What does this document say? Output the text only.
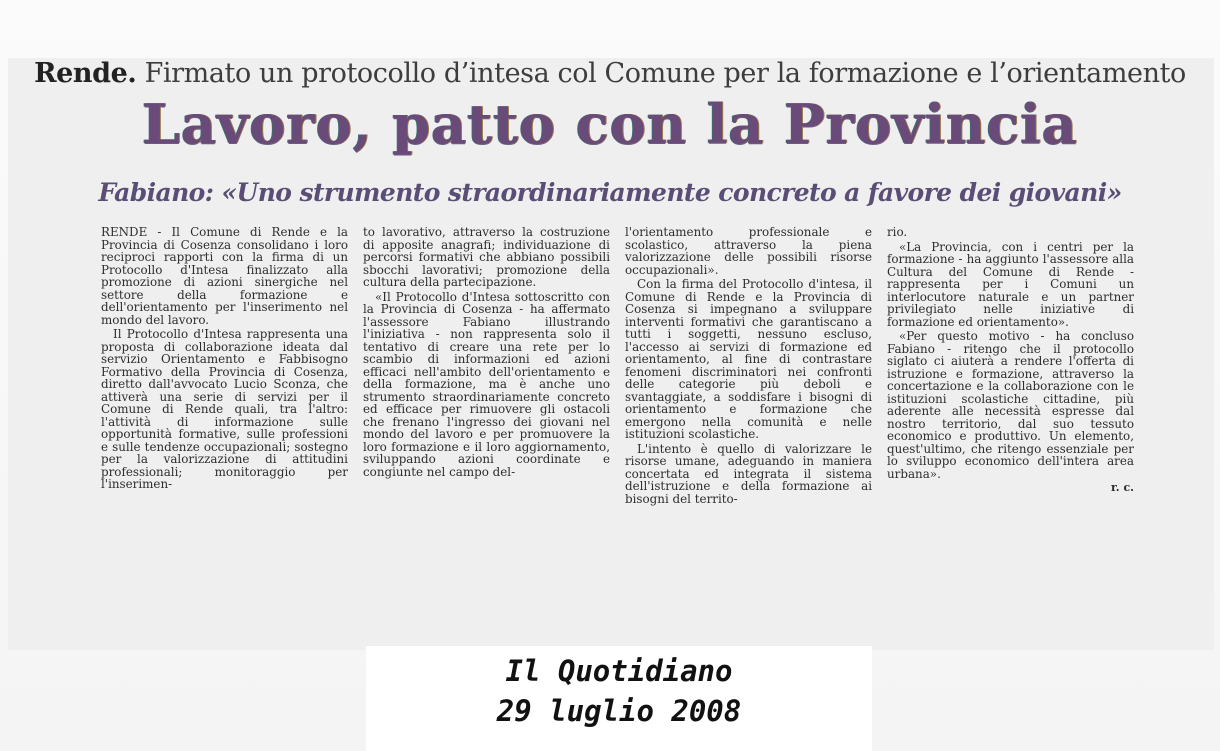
Rende. Firmato un protocollo d’intesa col Comune per la formazione e l’orientamento
Lavoro, patto con la Provincia
Fabiano: «Uno strumento straordinariamente concreto a favore dei giovani»

RENDE - Il Comune di Rende e la Provincia di Cosenza consolidano i loro reciproci rapporti con la firma di un Protocollo d'Intesa finalizzato alla promozione di azioni sinergiche nel settore della formazione e dell'orientamento per l'inserimento nel mondo del lavoro.

Il Protocollo d'Intesa rappresenta una proposta di collaborazione ideata dal servizio Orientamento e Fabbisogno Formativo della Provincia di Cosenza, diretto dall'avvocato Lucio Sconza, che attiverà una serie di servizi per il Comune di Rende quali, tra l'altro: l'attività di informazione sulle opportunità formative, sulle professioni e sulle tendenze occupazionali; sostegno per la valorizzazione di attitudini professionali; monitoraggio per l'inserimen-

to lavorativo, attraverso la costruzione di apposite anagrafi; individuazione di percorsi formativi che abbiano possibili sbocchi lavorativi; promozione della cultura della partecipazione.

«Il Protocollo d'Intesa sottoscritto con la Provincia di Cosenza - ha affermato l'assessore Fabiano illustrando l'iniziativa - non rappresenta solo il tentativo di creare una rete per lo scambio di informazioni ed azioni efficaci nell'ambito dell'orientamento e della formazione, ma è anche uno strumento straordinariamente concreto ed efficace per rimuovere gli ostacoli che frenano l'ingresso dei giovani nel mondo del lavoro e per promuovere la loro formazione e il loro aggiornamento, sviluppando azioni coordinate e congiunte nel campo del-

l'orientamento professionale e scolastico, attraverso la piena valorizzazione delle possibili risorse occupazionali».

Con la firma del Protocollo d'intesa, il Comune di Rende e la Provincia di Cosenza si impegnano a sviluppare interventi formativi che garantiscano a tutti i soggetti, nessuno escluso, l'accesso ai servizi di formazione ed orientamento, al fine di contrastare fenomeni discriminatori nei confronti delle categorie più deboli e svantaggiate, a soddisfare i bisogni di orientamento e formazione che emergono nella comunità e nelle istituzioni scolastiche.

L'intento è quello di valorizzare le risorse umane, adeguando in maniera concertata ed integrata il sistema dell'istruzione e della formazione ai bisogni del territo-

rio.

«La Provincia, con i centri per la formazione - ha aggiunto l'assessore alla Cultura del Comune di Rende - rappresenta per i Comuni un interlocutore naturale e un partner privilegiato nelle iniziative di formazione ed orientamento».

«Per questo motivo - ha concluso Fabiano - ritengo che il protocollo siglato ci aiuterà a rendere l'offerta di istruzione e formazione, attraverso la concertazione e la collaborazione con le istituzioni scolastiche cittadine, più aderente alle necessità espresse dal nostro territorio, dal suo tessuto economico e produttivo. Un elemento, quest'ultimo, che ritengo essenziale per lo sviluppo economico dell'intera area urbana».

r. c.
Il Quotidiano
29 luglio 2008
